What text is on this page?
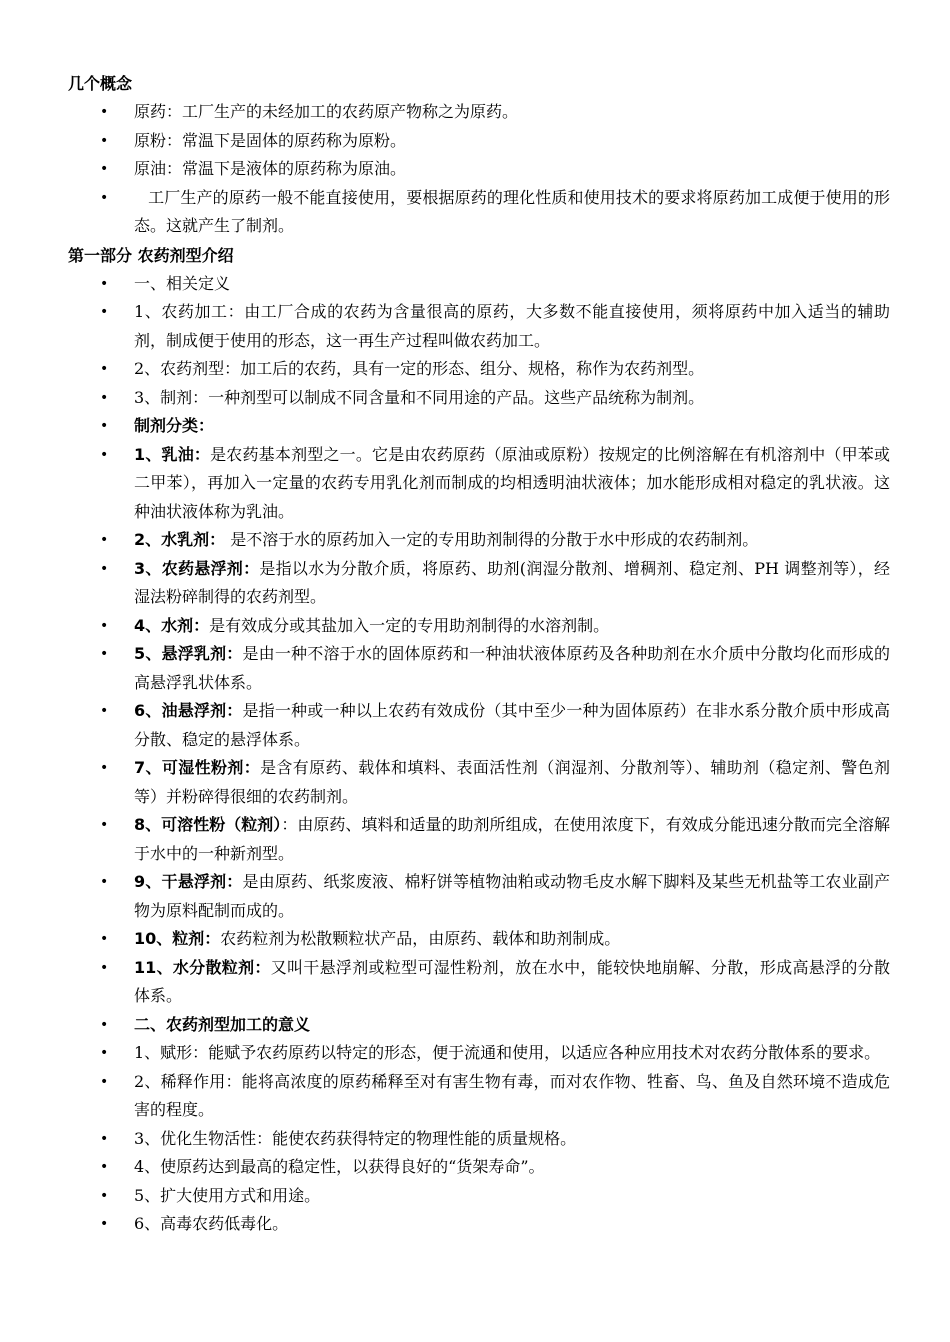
几个概念
• 原药：工厂生产的未经加工的农药原产物称之为原药。
• 原粉：常温下是固体的原药称为原粉。
• 原油：常温下是液体的原药称为原油。
• 工厂生产的原药一般不能直接使用，要根据原药的理化性质和使用技术的要求将原药加工成便于使用的形态。这就产生了制剂。
第一部分 农药剂型介绍
• 一、相关定义
• 1、农药加工：由工厂合成的农药为含量很高的原药，大多数不能直接使用，须将原药中加入适当的辅助剂，制成便于使用的形态，这一再生产过程叫做农药加工。
• 2、农药剂型：加工后的农药，具有一定的形态、组分、规格，称作为农药剂型。
• 3、制剂：一种剂型可以制成不同含量和不同用途的产品。这些产品统称为制剂。
• 制剂分类：
• 1、乳油：是农药基本剂型之一。它是由农药原药（原油或原粉）按规定的比例溶解在有机溶剂中（甲苯或二甲苯），再加入一定量的农药专用乳化剂而制成的均相透明油状液体；加水能形成相对稳定的乳状液。这种油状液体称为乳油。
• 2、水乳剂： 是不溶于水的原药加入一定的专用助剂制得的分散于水中形成的农药制剂。
• 3、农药悬浮剂：是指以水为分散介质，将原药、助剂(润湿分散剂、增稠剂、稳定剂、PH 调整剂等），经湿法粉碎制得的农药剂型。
• 4、水剂：是有效成分或其盐加入一定的专用助剂制得的水溶剂制。
• 5、悬浮乳剂：是由一种不溶于水的固体原药和一种油状液体原药及各种助剂在水介质中分散均化而形成的高悬浮乳状体系。
• 6、油悬浮剂：是指一种或一种以上农药有效成份（其中至少一种为固体原药）在非水系分散介质中形成高分散、稳定的悬浮体系。
• 7、可湿性粉剂：是含有原药、载体和填料、表面活性剂（润湿剂、分散剂等）、辅助剂（稳定剂、警色剂等）并粉碎得很细的农药制剂。
• 8、可溶性粉（粒剂）：由原药、填料和适量的助剂所组成，在使用浓度下，有效成分能迅速分散而完全溶解于水中的一种新剂型。
• 9、干悬浮剂：是由原药、纸浆废液、棉籽饼等植物油粕或动物毛皮水解下脚料及某些无机盐等工农业副产物为原料配制而成的。
• 10、粒剂：农药粒剂为松散颗粒状产品，由原药、载体和助剂制成。
• 11、水分散粒剂：又叫干悬浮剂或粒型可湿性粉剂，放在水中，能较快地崩解、分散，形成高悬浮的分散体系。
• 二、农药剂型加工的意义
• 1、赋形：能赋予农药原药以特定的形态，便于流通和使用，以适应各种应用技术对农药分散体系的要求。
• 2、稀释作用：能将高浓度的原药稀释至对有害生物有毒，而对农作物、牲畜、鸟、鱼及自然环境不造成危害的程度。
• 3、优化生物活性：能使农药获得特定的物理性能的质量规格。
• 4、使原药达到最高的稳定性，以获得良好的“货架寿命”。
• 5、扩大使用方式和用途。
• 6、高毒农药低毒化。
